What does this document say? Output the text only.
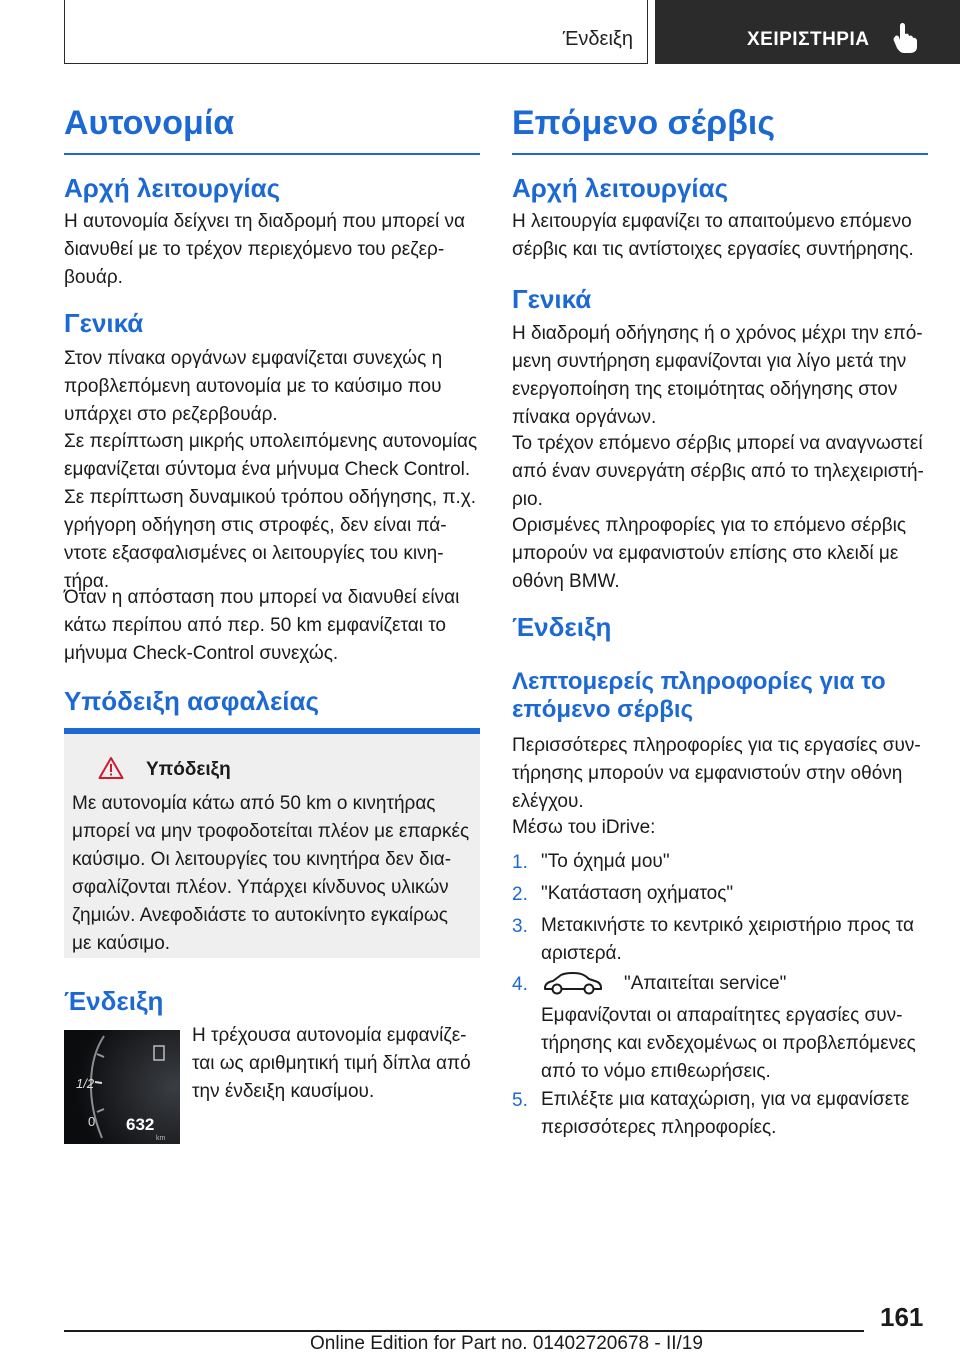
Ένδειξη	ΧΕΙΡΙΣΤΗΡΙΑ
Αυτονομία
Αρχή λειτουργίας
Η αυτονομία δείχνει τη διαδρομή που μπορεί να
διανυθεί με το τρέχον περιεχόμενο του ρεζερ-
βουάρ.
Γενικά
Στον πίνακα οργάνων εμφανίζεται συνεχώς η
προβλεπόμενη αυτονομία με το καύσιμο που
υπάρχει στο ρεζερβουάρ.
Σε περίπτωση μικρής υπολειπόμενης αυτονομίας
εμφανίζεται σύντομα ένα μήνυμα Check Control.
Σε περίπτωση δυναμικού τρόπου οδήγησης, π.χ.
γρήγορη οδήγηση στις στροφές, δεν είναι πά-
ντοτε εξασφαλισμένες οι λειτουργίες του κινη-
τήρα.
Όταν η απόσταση που μπορεί να διανυθεί είναι
κάτω περίπου από περ. 50 km εμφανίζεται το
μήνυμα Check-Control συνεχώς.
Υπόδειξη ασφαλείας
Υπόδειξη
Με αυτονομία κάτω από 50 km ο κινητήρας
μπορεί να μην τροφοδοτείται πλέον με επαρκές
καύσιμο. Οι λειτουργίες του κινητήρα δεν δια-
σφαλίζονται πλέον. Υπάρχει κίνδυνος υλικών
ζημιών. Ανεφοδιάστε το αυτοκίνητο εγκαίρως
με καύσιμο.
Ένδειξη
1/2
0 632
km
Η τρέχουσα αυτονομία εμφανίζε-
ται ως αριθμητική τιμή δίπλα από
την ένδειξη καυσίμου.
Επόμενο σέρβις
Αρχή λειτουργίας
Η λειτουργία εμφανίζει το απαιτούμενο επόμενο
σέρβις και τις αντίστοιχες εργασίες συντήρησης.
Γενικά
Η διαδρομή οδήγησης ή ο χρόνος μέχρι την επό-
μενη συντήρηση εμφανίζονται για λίγο μετά την
ενεργοποίηση της ετοιμότητας οδήγησης στον
πίνακα οργάνων.
Το τρέχον επόμενο σέρβις μπορεί να αναγνωστεί
από έναν συνεργάτη σέρβις από το τηλεχειριστή-
ριο.
Ορισμένες πληροφορίες για το επόμενο σέρβις
μπορούν να εμφανιστούν επίσης στο κλειδί με
οθόνη BMW.
Ένδειξη
Λεπτομερείς πληροφορίες για το
επόμενο σέρβις
Περισσότερες πληροφορίες για τις εργασίες συν-
τήρησης μπορούν να εμφανιστούν στην οθόνη
ελέγχου.
Μέσω του iDrive:
1. "Το όχημά μου"
2. "Κατάσταση οχήματος"
3. Μετακινήστε το κεντρικό χειριστήριο προς τα
αριστερά.
4.	"Απαιτείται service"
Εμφανίζονται οι απαραίτητες εργασίες συν-
τήρησης και ενδεχομένως οι προβλεπόμενες
από το νόμο επιθεωρήσεις.
5. Επιλέξτε μια καταχώριση, για να εμφανίσετε
περισσότερες πληροφορίες.
161
Online Edition for Part no. 01402720678 - II/19
